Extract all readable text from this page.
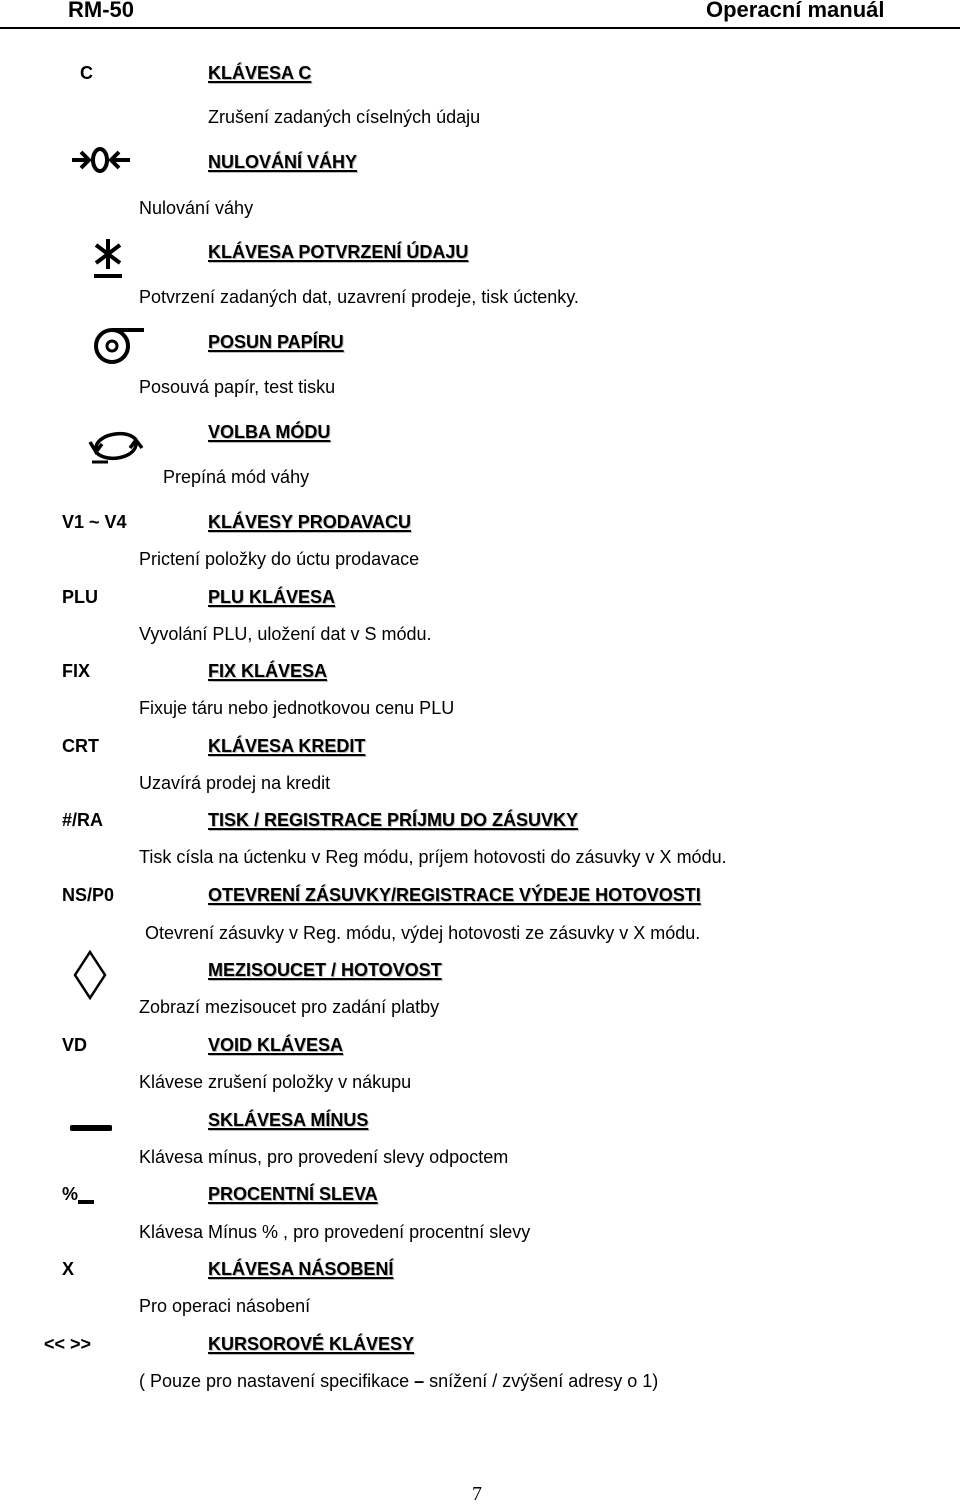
RM-50	Operacní manuál
C	KLÁVESA C
Zrušení zadaných císelných údaju
NULOVÁNÍ VÁHY
Nulování váhy
KLÁVESA POTVRZENÍ ÚDAJU
Potvrzení zadaných dat, uzavrení prodeje, tisk úctenky.
POSUN PAPÍRU
Posouvá papír, test tisku
VOLBA MÓDU
Prepíná mód váhy
V1 ~ V4	KLÁVESY PRODAVACU
Prictení položky do úctu prodavace
PLU	PLU KLÁVESA
Vyvolání PLU, uložení dat v S módu.
FIX	FIX KLÁVESA
Fixuje táru nebo jednotkovou cenu PLU
CRT	KLÁVESA KREDIT
Uzavírá prodej na kredit
#/RA	TISK / REGISTRACE PRÍJMU DO ZÁSUVKY
Tisk císla na úctenku v Reg módu, príjem hotovosti do zásuvky v X módu.
NS/P0	OTEVRENÍ ZÁSUVKY/REGISTRACE VÝDEJE HOTOVOSTI
Otevrení zásuvky v Reg. módu, výdej hotovosti ze zásuvky v X módu.
MEZISOUCET / HOTOVOST
Zobrazí mezisoucet pro zadání platby
VD	VOID KLÁVESA
Klávese zrušení položky v nákupu
SKLÁVESA MÍNUS
Klávesa mínus, pro provedení slevy odpoctem
%	PROCENTNÍ SLEVA
Klávesa Mínus % , pro provedení procentní slevy
X	KLÁVESA NÁSOBENÍ
Pro operaci násobení
<< >>	KURSOROVÉ KLÁVESY
( Pouze pro nastavení specifikace – snížení / zvýšení adresy o 1)
7
